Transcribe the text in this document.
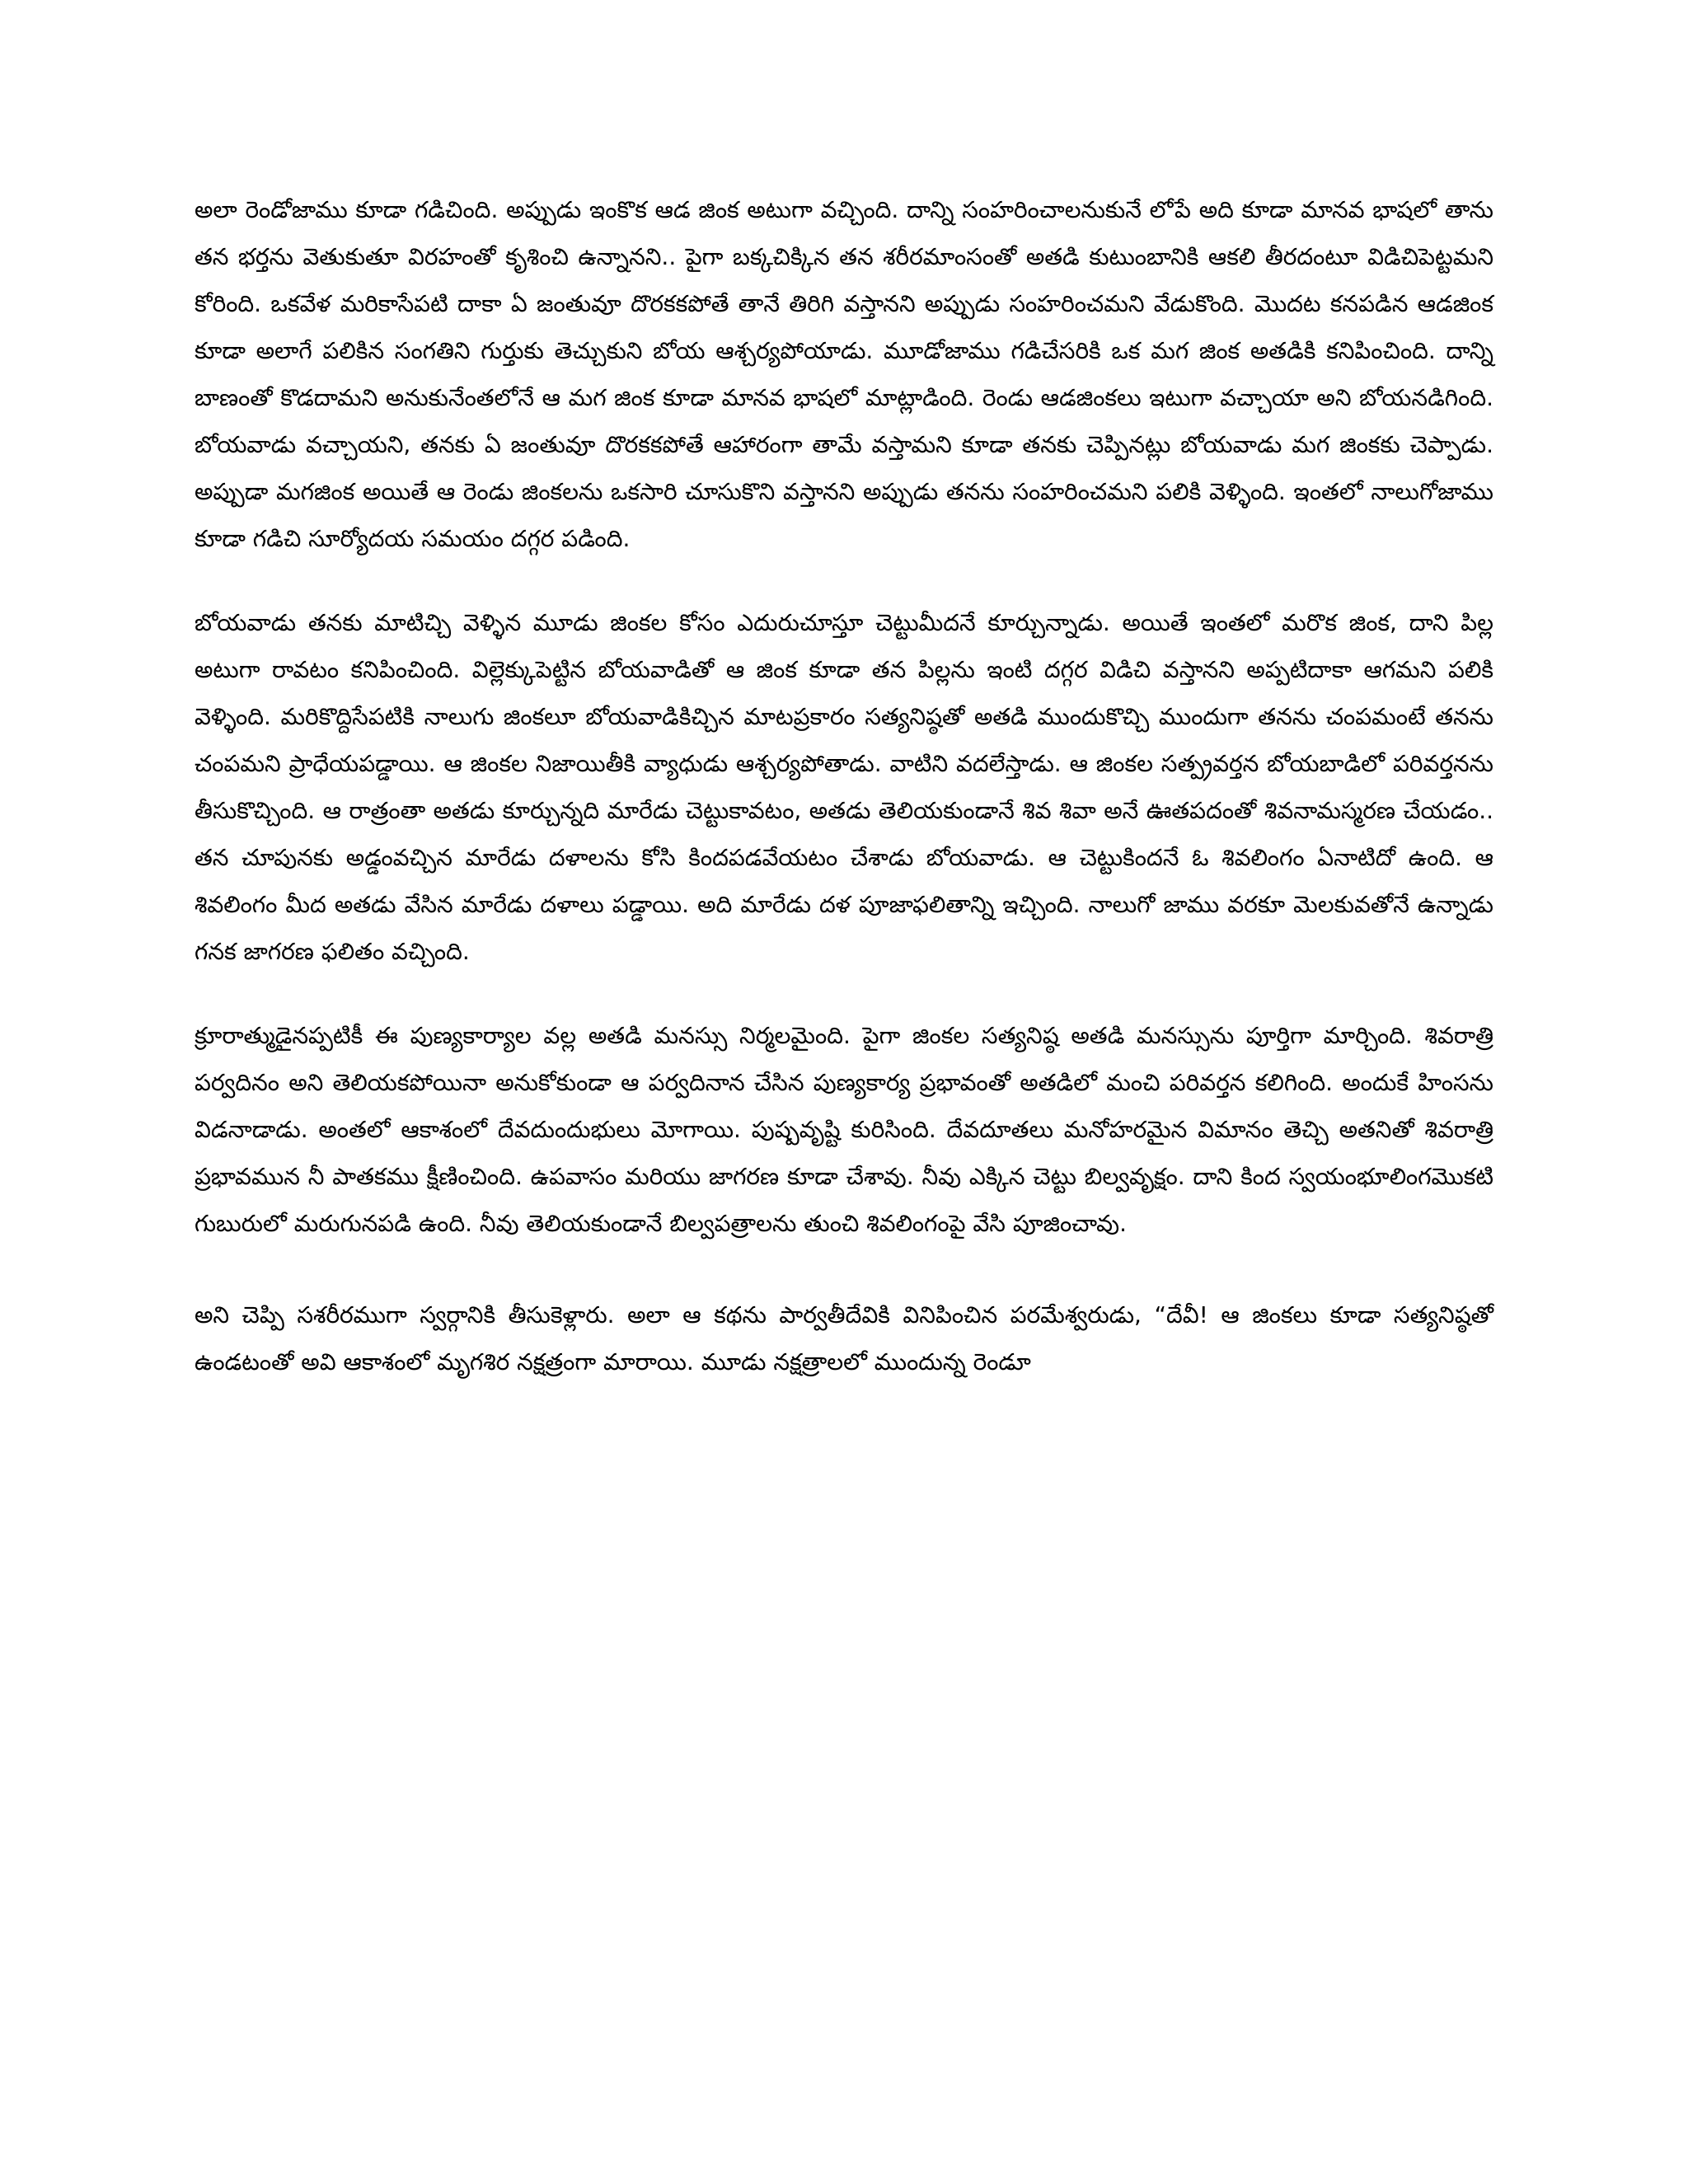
అలా రెండోజాము కూడా గడిచింది. అప్పుడు ఇంకొక ఆడ జింక అటుగా వచ్చింది. దాన్ని సంహరించాలనుకునే లోపే అది కూడా మానవ భాషలో తాను తన భర్తను వెతుకుతూ విరహంతో కృశించి ఉన్నానని.. పైగా బక్కచిక్కిన తన శరీరమాంసంతో అతడి కుటుంబానికి ఆకలి తీరదంటూ విడిచిపెట్టమని కోరింది. ఒకవేళ మరికాసేపటి దాకా ఏ జంతువూ దొరకకపోతే తానే తిరిగి వస్తానని అప్పుడు సంహరించమని వేడుకొంది. మొదట కనపడిన ఆడజింక కూడా అలాగే పలికిన సంగతిని గుర్తుకు తెచ్చుకుని బోయ ఆశ్చర్యపోయాడు. మూడోజాము గడిచేసరికి ఒక మగ జింక అతడికి కనిపించింది. దాన్ని బాణంతో కొడదామని అనుకునేంతలోనే ఆ మగ జింక కూడా మానవ భాషలో మాట్లాడింది. రెండు ఆడజింకలు ఇటుగా వచ్చాయా అని బోయనడిగింది. బోయవాడు వచ్చాయని, తనకు ఏ జంతువూ దొరకకపోతే ఆహారంగా తామే వస్తామని కూడా తనకు చెప్పినట్లు బోయవాడు మగ జింకకు చెప్పాడు. అప్పుడా మగజింక అయితే ఆ రెండు జింకలను ఒకసారి చూసుకొని వస్తానని అప్పుడు తనను సంహరించమని పలికి వెళ్ళింది. ఇంతలో నాలుగోజాము కూడా గడిచి సూర్యోదయ సమయం దగ్గర పడింది.

బోయవాడు తనకు మాటిచ్చి వెళ్ళిన మూడు జింకల కోసం ఎదురుచూస్తూ చెట్టుమీదనే కూర్చున్నాడు. అయితే ఇంతలో మరొక జింక, దాని పిల్ల అటుగా రావటం కనిపించింది. విల్లెక్కుపెట్టిన బోయవాడితో ఆ జింక కూడా తన పిల్లను ఇంటి దగ్గర విడిచి వస్తానని అప్పటిదాకా ఆగమని పలికి వెళ్ళింది. మరికొద్దిసేపటికి నాలుగు జింకలూ బోయవాడికిచ్చిన మాటప్రకారం సత్యనిష్ఠతో అతడి ముందుకొచ్చి ముందుగా తనను చంపమంటే తనను చంపమని ప్రాధేయపడ్డాయి. ఆ జింకల నిజాయితీకి వ్యాధుడు ఆశ్చర్యపోతాడు. వాటిని వదలేస్తాడు. ఆ జింకల సత్ప్రవర్తన బోయబాడిలో పరివర్తనను తీసుకొచ్చింది. ఆ రాత్రంతా అతడు కూర్చున్నది మారేడు చెట్టుకావటం, అతడు తెలియకుండానే శివ శివా అనే ఊతపదంతో శివనామస్మరణ చేయడం.. తన చూపునకు అడ్డంవచ్చిన మారేడు దళాలను కోసి కిందపడవేయటం చేశాడు బోయవాడు. ఆ చెట్టుకిందనే ఓ శివలింగం ఏనాటిదో ఉంది. ఆ శివలింగం మీద అతడు వేసిన మారేడు దళాలు పడ్డాయి. అది మారేడు దళ పూజాఫలితాన్ని ఇచ్చింది. నాలుగో జాము వరకూ మెలకువతోనే ఉన్నాడు గనక జాగరణ ఫలితం వచ్చింది.

క్రూరాత్ముడైనప్పటికీ ఈ పుణ్యకార్యాల వల్ల అతడి మనస్సు నిర్మలమైంది. పైగా జింకల సత్యనిష్ఠ అతడి మనస్సును పూర్తిగా మార్చింది. శివరాత్రి పర్వదినం అని తెలియకపోయినా అనుకోకుండా ఆ పర్వదినాన చేసిన పుణ్యకార్య ప్రభావంతో అతడిలో మంచి పరివర్తన కలిగింది. అందుకే హింసను విడనాడాడు. అంతలో ఆకాశంలో దేవదుందుభులు మోగాయి. పుష్పవృష్టి కురిసింది. దేవదూతలు మనోహరమైన విమానం తెచ్చి అతనితో శివరాత్రి ప్రభావమున నీ పాతకము క్షీణించింది. ఉపవాసం మరియు జాగరణ కూడా చేశావు. నీవు ఎక్కిన చెట్టు బిల్వవృక్షం. దాని కింద స్వయంభూలింగమొకటి గుబురులో మరుగునపడి ఉంది. నీవు తెలియకుండానే బిల్వపత్రాలను తుంచి శివలింగంపై వేసి పూజించావు.

అని చెప్పి సశరీరముగా స్వర్గానికి తీసుకెళ్లారు. అలా ఆ కథను పార్వతీదేవికి వినిపించిన పరమేశ్వరుడు, “దేవీ! ఆ జింకలు కూడా సత్యనిష్ఠతో ఉండటంతో అవి ఆకాశంలో మృగశిర నక్షత్రంగా మారాయి. మూడు నక్షత్రాలలో ముందున్న రెండూ
